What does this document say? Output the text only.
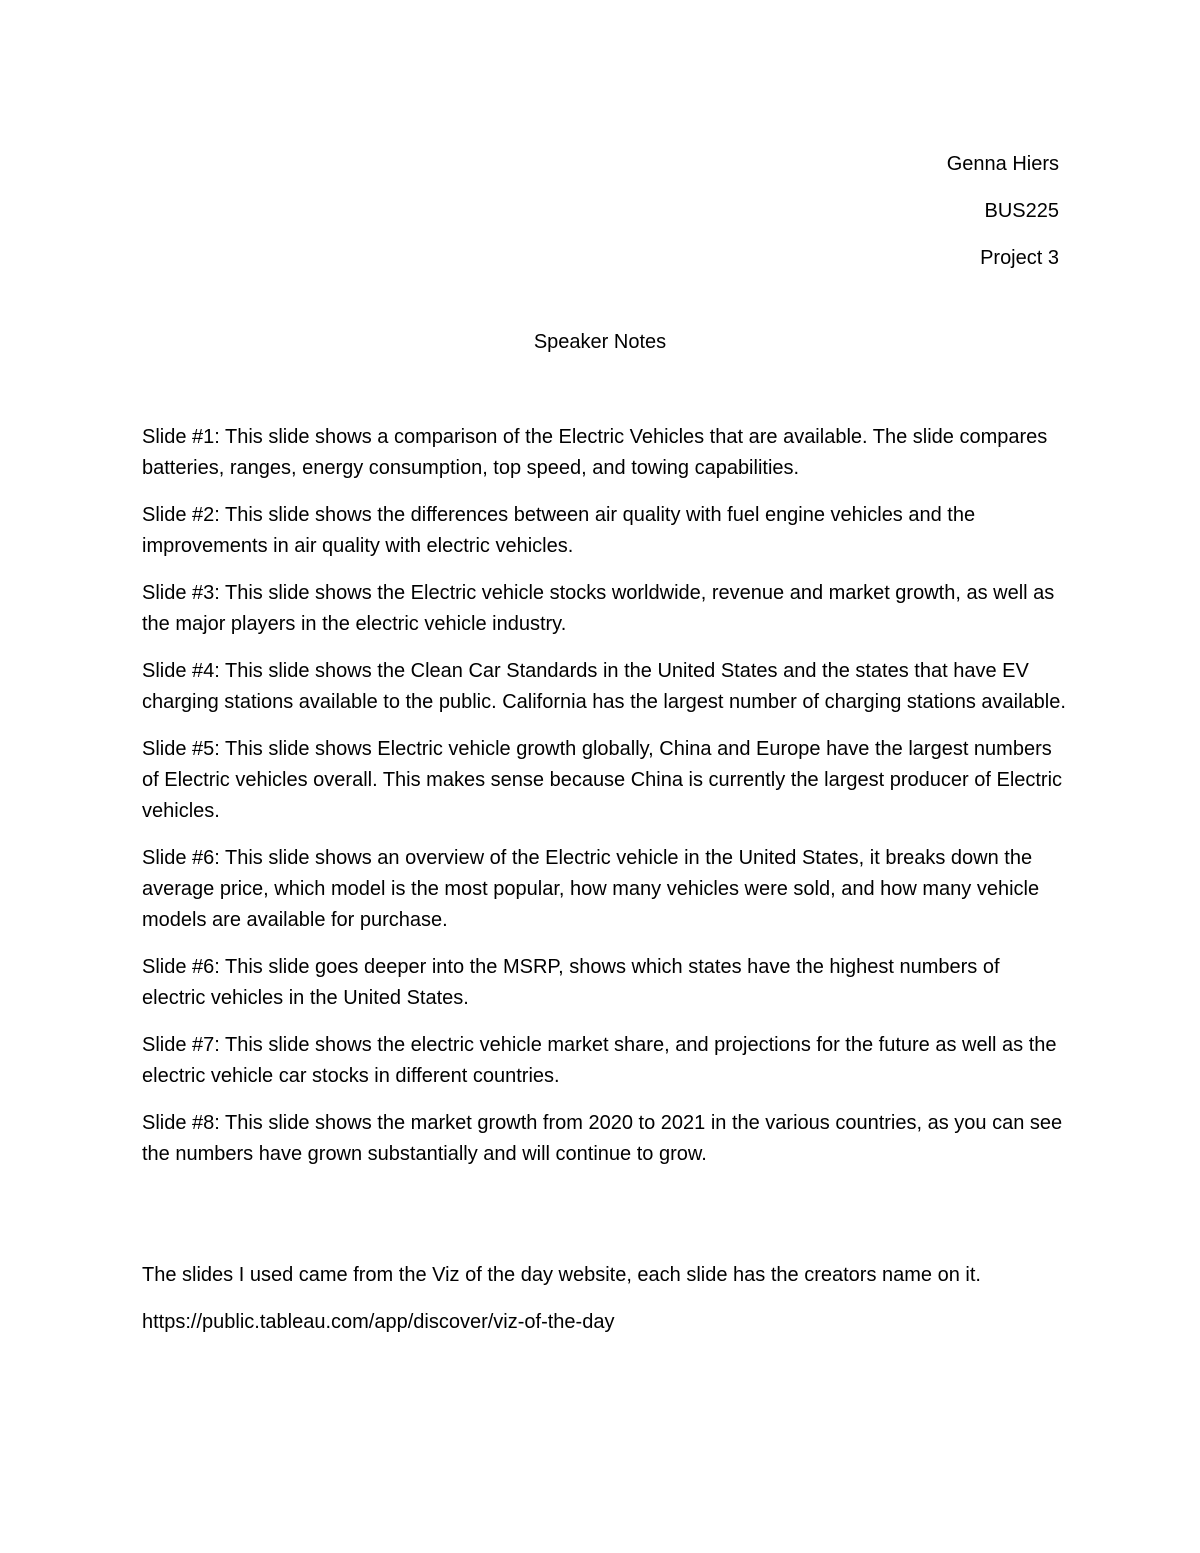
Genna Hiers
BUS225
Project 3
Speaker Notes

Slide #1: This slide shows a comparison of the Electric Vehicles that are available. The slide compares batteries, ranges, energy consumption, top speed, and towing capabilities.

Slide #2: This slide shows the differences between air quality with fuel engine vehicles and the improvements in air quality with electric vehicles.

Slide #3: This slide shows the Electric vehicle stocks worldwide, revenue and market growth, as well as the major players in the electric vehicle industry.

Slide #4: This slide shows the Clean Car Standards in the United States and the states that have EV charging stations available to the public. California has the largest number of charging stations available.

Slide #5: This slide shows Electric vehicle growth globally, China and Europe have the largest numbers of Electric vehicles overall. This makes sense because China is currently the largest producer of Electric vehicles.

Slide #6: This slide shows an overview of the Electric vehicle in the United States, it breaks down the average price, which model is the most popular, how many vehicles were sold, and how many vehicle models are available for purchase.

Slide #6: This slide goes deeper into the MSRP, shows which states have the highest numbers of electric vehicles in the United States.

Slide #7: This slide shows the electric vehicle market share, and projections for the future as well as the electric vehicle car stocks in different countries.

Slide #8: This slide shows the market growth from 2020 to 2021 in the various countries, as you can see the numbers have grown substantially and will continue to grow.

The slides I used came from the Viz of the day website, each slide has the creators name on it.

https://public.tableau.com/app/discover/viz-of-the-day
